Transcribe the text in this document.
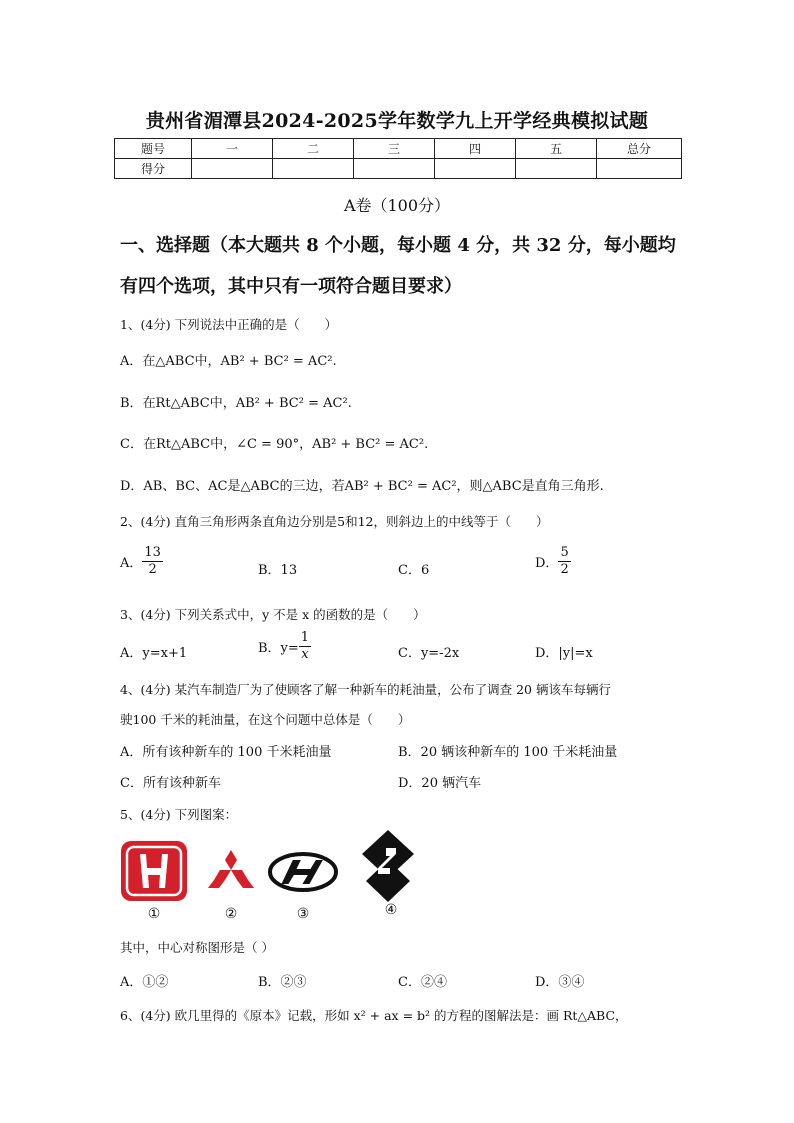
贵州省湄潭县2024-2025学年数学九上开学经典模拟试题
题号	一	二	三	四	五	总分
得分						
A卷（100分）
一、选择题（本大题共 8 个小题，每小题 4 分，共 32 分，每小题均有四个选项，其中只有一项符合题目要求）
1、(4分) 下列说法中正确的是（　　）
A．在△ABC中，AB² + BC² = AC².
B．在Rt△ABC中，AB² + BC² = AC².
C．在Rt△ABC中，∠C = 90°，AB² + BC² = AC².
D．AB、BC、AC是△ABC的三边，若AB² + BC² = AC²，则△ABC是直角三角形.
2、(4分) 直角三角形两条直角边分别是5和12，则斜边上的中线等于（　　）
A． $\frac{13}{2}$	B．13	C．6	D． $\frac{5}{2}$
3、(4分) 下列关系式中，y 不是 x 的函数的是（　　）
A．y=x+1	B．$y= \frac{1}{x}$	C．y=-2x	D．|y|=x
4、(4分) 某汽车制造厂为了使顾客了解一种新车的耗油量，公布了调查 20 辆该车每辆行
驶100 千米的耗油量，在这个问题中总体是（　　）
A．所有该种新车的 100 千米耗油量	B．20 辆该种新车的 100 千米耗油量
C．所有该种新车	D．20 辆汽车
5、(4分) 下列图案：
①	②	③	④
其中，中心对称图形是（ ）
A．①②	B．②③	C．②④	D．③④
6、(4分) 欧几里得的《原本》记载，形如 x² + ax = b² 的方程的图解法是：画 Rt△ABC，
